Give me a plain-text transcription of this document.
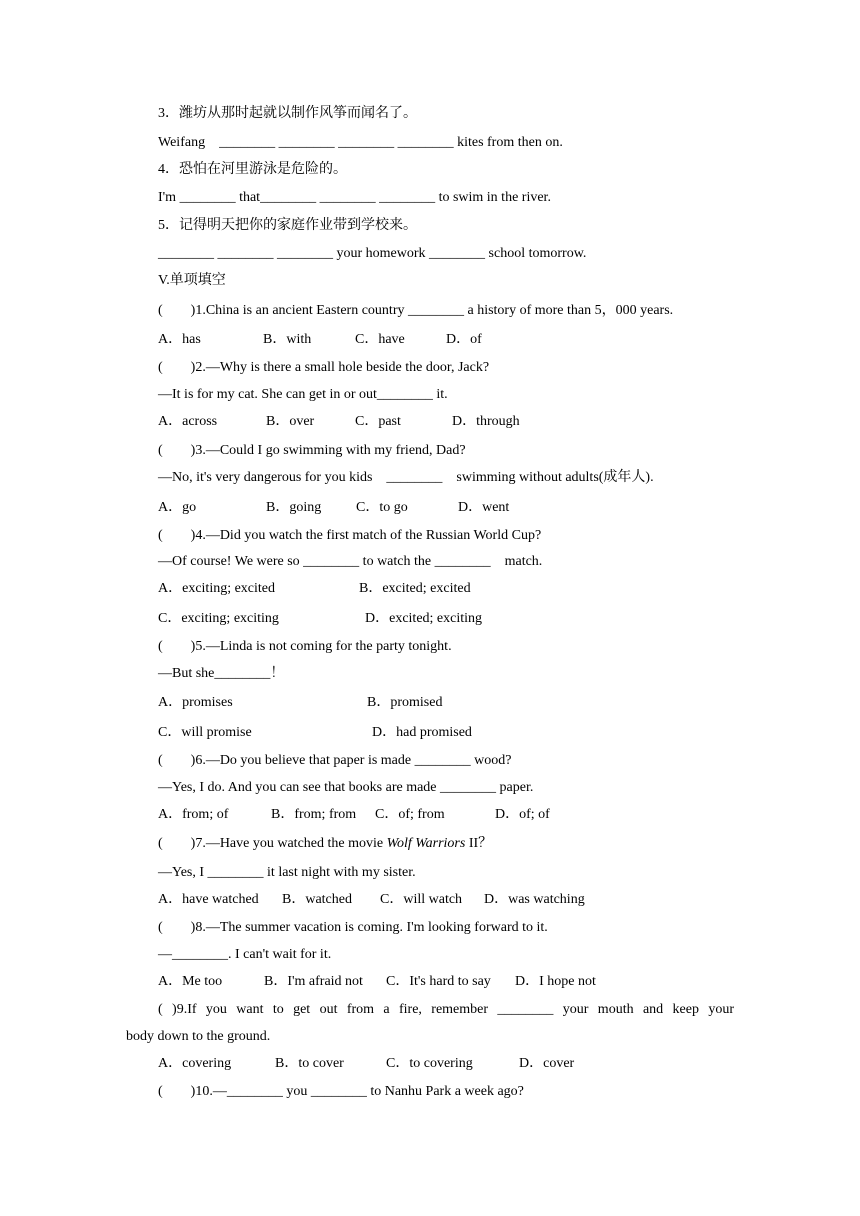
3．潍坊从那时起就以制作风筝而闻名了。

Weifang    ________ ________ ________ ________ kites from then on.

4．恐怕在河里游泳是危险的。

I'm ________ that________ ________ ________ to swim in the river.

5．记得明天把你的家庭作业带到学校来。

________ ________ ________ your homework ________ school tomorrow.

V.单项填空

(        )1.China is an ancient Eastern country ________ a history of more than 5，000 years.

A．has	B．with	C．have	D．of

(        )2.—Why is there a small hole beside the door, Jack?

—It is for my cat. She can get in or out________ it.

A．across	B．over	C．past	D．through

(        )3.—Could I go swimming with my friend, Dad?

—No, it's very dangerous for you kids    ________    swimming without adults(成年人).

A．go	B．going C．to go	D．went

(        )4.—Did you watch the first match of the Russian World Cup?

—Of course! We were so ________ to watch the ________    match.

A．exciting; excited	B．excited; excited

C．exciting; exciting	D．excited; exciting

(        )5.—Linda is not coming for the party tonight.

—But she________！

A．promises	B．promised

C．will promise	D．had promised

(        )6.—Do you believe that paper is made ________ wood?

—Yes, I do. And you can see that books are made ________ paper.

A．from; of	B．from; from C．of; from	D．of; of

(        )7.—Have you watched the movie Wolf Warriors II？

—Yes, I ________ it last night with my sister.

A．have watched B．watched C．will watch D．was watching

(        )8.—The summer vacation is coming. I'm looking forward to it.

—________. I can't wait for it.

A．Me too	B．I'm afraid not C．It's hard to say D．I hope not

( )9.If you want to get out from a fire, remember ________ your mouth and keep your

body down to the ground.

A．covering	B．to cover	C．to covering	D．cover

(        )10.—________ you ________ to Nanhu Park a week ago?
